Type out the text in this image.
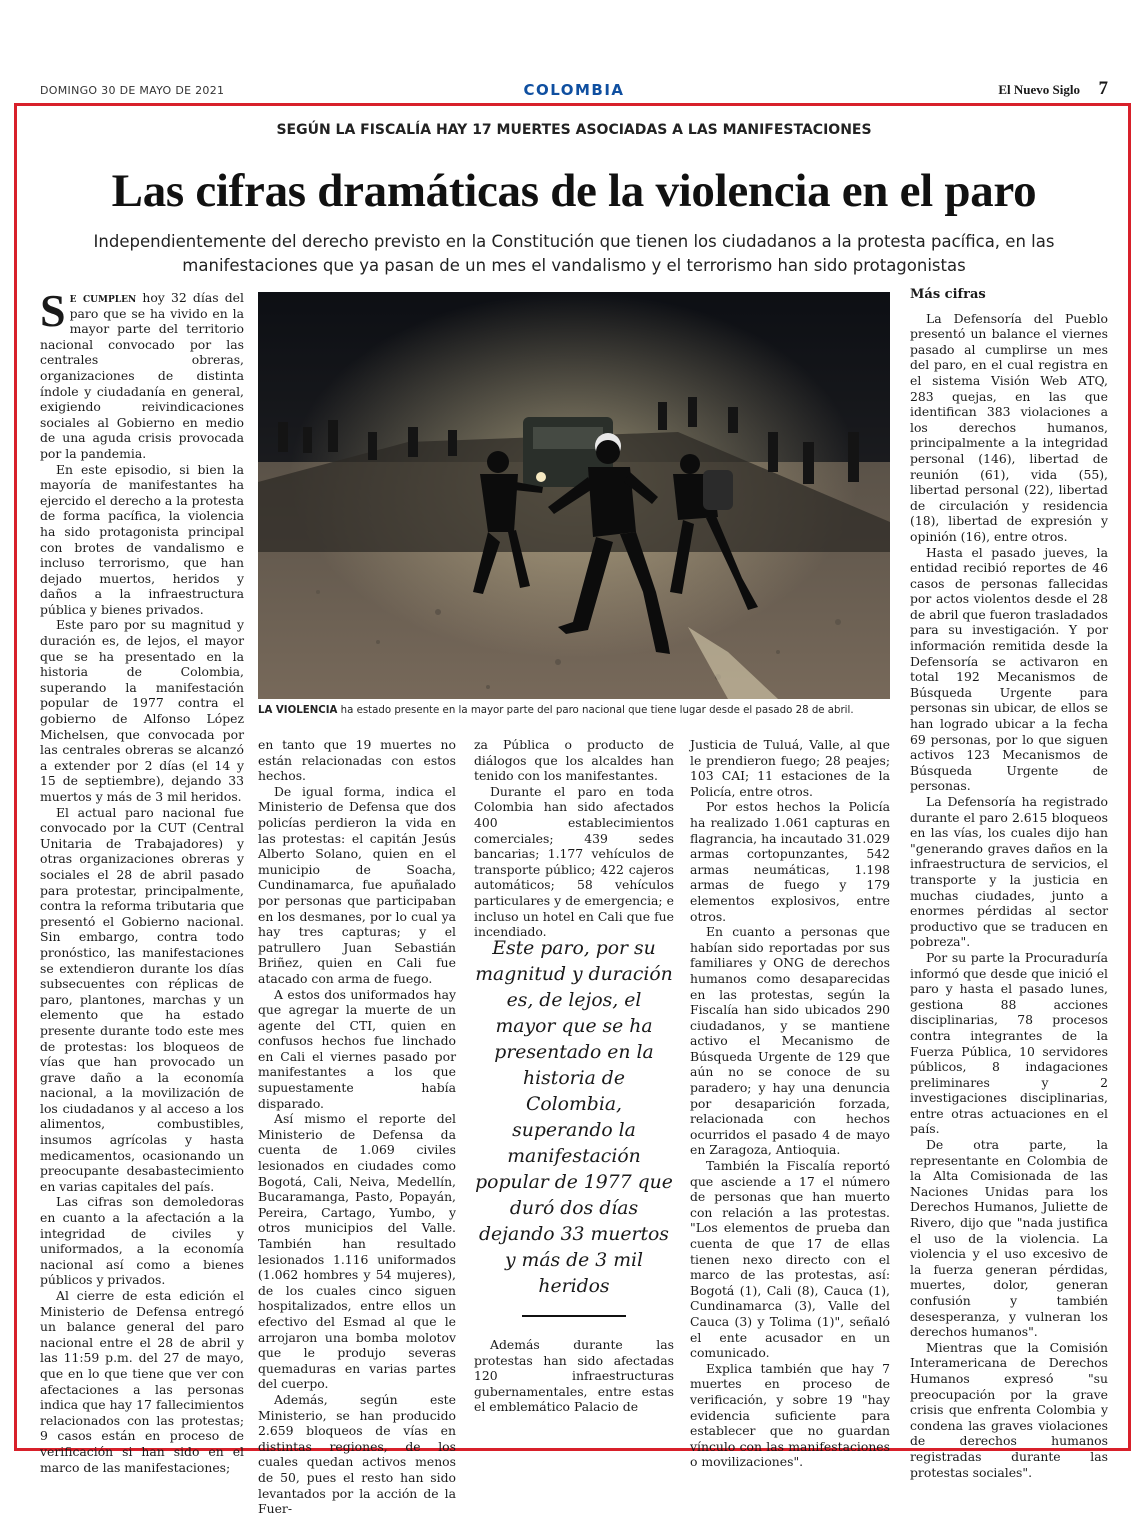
DOMINGO 30 DE MAYO DE 2021	COLOMBIA	El Nuevo Siglo 7
SEGÚN LA FISCALÍA HAY 17 MUERTES ASOCIADAS A LAS MANIFESTACIONES
Las cifras dramáticas de la violencia en el paro
Independientemente del derecho previsto en la Constitución que tienen los ciudadanos a la protesta pacífica, en las manifestaciones que ya pasan de un mes el vandalismo y el terrorismo han sido protagonistas

Se cumplen hoy 32 días del paro que se ha vivido en la mayor parte del territorio nacional convocado por las centrales obreras, organizaciones de distinta índole y ciudadanía en general, exigiendo reivindicaciones sociales al Gobierno en medio de una aguda crisis provocada por la pandemia.

En este episodio, si bien la mayoría de manifestantes ha ejercido el derecho a la protesta de forma pacífica, la violencia ha sido protagonista principal con brotes de vandalismo e incluso terrorismo, que han dejado muertos, heridos y daños a la infraestructura pública y bienes privados.

Este paro por su magnitud y duración es, de lejos, el mayor que se ha presentado en la historia de Colombia, superando la manifestación popular de 1977 contra el gobierno de Alfonso López Michelsen, que convocada por las centrales obreras se alcanzó a extender por 2 días (el 14 y 15 de septiembre), dejando 33 muertos y más de 3 mil heridos.

El actual paro nacional fue convocado por la CUT (Central Unitaria de Trabajadores) y otras organizaciones obreras y sociales el 28 de abril pasado para protestar, principalmente, contra la reforma tributaria que presentó el Gobierno nacional. Sin embargo, contra todo pronóstico, las manifestaciones se extendieron durante los días subsecuentes con réplicas de paro, plantones, marchas y un elemento que ha estado presente durante todo este mes de protestas: los bloqueos de vías que han provocado un grave daño a la economía nacional, a la movilización de los ciudadanos y al acceso a los alimentos, combustibles, insumos agrícolas y hasta medicamentos, ocasionando un preocupante desabastecimiento en varias capitales del país.

Las cifras son demoledoras en cuanto a la afectación a la integridad de civiles y uniformados, a la economía nacional así como a bienes públicos y privados.

Al cierre de esta edición el Ministerio de Defensa entregó un balance general del paro nacional entre el 28 de abril y las 11:59 p.m. del 27 de mayo, que en lo que tiene que ver con afectaciones a las personas indica que hay 17 fallecimientos relacionados con las protestas; 9 casos están en proceso de verificación si han sido en el marco de las manifestaciones;

LA VIOLENCIA ha estado presente en la mayor parte del paro nacional que tiene lugar desde el pasado 28 de abril.

en tanto que 19 muertes no están relacionadas con estos hechos.

De igual forma, indica el Ministerio de Defensa que dos policías perdieron la vida en las protestas: el capitán Jesús Alberto Solano, quien en el municipio de Soacha, Cundinamarca, fue apuñalado por personas que participaban en los desmanes, por lo cual ya hay tres capturas; y el patrullero Juan Sebastián Briñez, quien en Cali fue atacado con arma de fuego.

A estos dos uniformados hay que agregar la muerte de un agente del CTI, quien en confusos hechos fue linchado en Cali el viernes pasado por manifestantes a los que supuestamente había disparado.

Así mismo el reporte del Ministerio de Defensa da cuenta de 1.069 civiles lesionados en ciudades como Bogotá, Cali, Neiva, Medellín, Bucaramanga, Pasto, Popayán, Pereira, Cartago, Yumbo, y otros municipios del Valle. También han resultado lesionados 1.116 uniformados (1.062 hombres y 54 mujeres), de los cuales cinco siguen hospitalizados, entre ellos un efectivo del Esmad al que le arrojaron una bomba molotov que le produjo severas quemaduras en varias partes del cuerpo.

Además, según este Ministerio, se han producido 2.659 bloqueos de vías en distintas regiones, de los cuales quedan activos menos de 50, pues el resto han sido levantados por la acción de la Fuer-

za Pública o producto de diálogos que los alcaldes han tenido con los manifestantes.

Durante el paro en toda Colombia han sido afectados 400 establecimientos comerciales; 439 sedes bancarias; 1.177 vehículos de transporte público; 422 cajeros automáticos; 58 vehículos particulares y de emergencia; e incluso un hotel en Cali que fue incendiado.

Este paro, por su magnitud y duración es, de lejos, el mayor que se ha presentado en la historia de Colombia, superando la manifestación popular de 1977 que duró dos días dejando 33 muertos y más de 3 mil heridos

Además durante las protestas han sido afectadas 120 infraestructuras gubernamentales, entre estas el emblemático Palacio de

Justicia de Tuluá, Valle, al que le prendieron fuego; 28 peajes; 103 CAI; 11 estaciones de la Policía, entre otros.

Por estos hechos la Policía ha realizado 1.061 capturas en flagrancia, ha incautado 31.029 armas cortopunzantes, 542 armas neumáticas, 1.198 armas de fuego y 179 elementos explosivos, entre otros.

En cuanto a personas que habían sido reportadas por sus familiares y ONG de derechos humanos como desaparecidas en las protestas, según la Fiscalía han sido ubicados 290 ciudadanos, y se mantiene activo el Mecanismo de Búsqueda Urgente de 129 que aún no se conoce de su paradero; y hay una denuncia por desaparición forzada, relacionada con hechos ocurridos el pasado 4 de mayo en Zaragoza, Antioquia.

También la Fiscalía reportó que asciende a 17 el número de personas que han muerto con relación a las protestas. "Los elementos de prueba dan cuenta de que 17 de ellas tienen nexo directo con el marco de las protestas, así: Bogotá (1), Cali (8), Cauca (1), Cundinamarca (3), Valle del Cauca (3) y Tolima (1)", señaló el ente acusador en un comunicado.

Explica también que hay 7 muertes en proceso de verificación, y sobre 19 "hay evidencia suficiente para establecer que no guardan vínculo con las manifestaciones o movilizaciones".

Más cifras

La Defensoría del Pueblo presentó un balance el viernes pasado al cumplirse un mes del paro, en el cual registra en el sistema Visión Web ATQ, 283 quejas, en las que identifican 383 violaciones a los derechos humanos, principalmente a la integridad personal (146), libertad de reunión (61), vida (55), libertad personal (22), libertad de circulación y residencia (18), libertad de expresión y opinión (16), entre otros.

Hasta el pasado jueves, la entidad recibió reportes de 46 casos de personas fallecidas por actos violentos desde el 28 de abril que fueron trasladados para su investigación. Y por información remitida desde la Defensoría se activaron en total 192 Mecanismos de Búsqueda Urgente para personas sin ubicar, de ellos se han logrado ubicar a la fecha 69 personas, por lo que siguen activos 123 Mecanismos de Búsqueda Urgente de personas.

La Defensoría ha registrado durante el paro 2.615 bloqueos en las vías, los cuales dijo han "generando graves daños en la infraestructura de servicios, el transporte y la justicia en muchas ciudades, junto a enormes pérdidas al sector productivo que se traducen en pobreza".

Por su parte la Procuraduría informó que desde que inició el paro y hasta el pasado lunes, gestiona 88 acciones disciplinarias, 78 procesos contra integrantes de la Fuerza Pública, 10 servidores públicos, 8 indagaciones preliminares y 2 investigaciones disciplinarias, entre otras actuaciones en el país.

De otra parte, la representante en Colombia de la Alta Comisionada de las Naciones Unidas para los Derechos Humanos, Juliette de Rivero, dijo que "nada justifica el uso de la violencia. La violencia y el uso excesivo de la fuerza generan pérdidas, muertes, dolor, generan confusión y también desesperanza, y vulneran los derechos humanos".

Mientras que la Comisión Interamericana de Derechos Humanos expresó "su preocupación por la grave crisis que enfrenta Colombia y condena las graves violaciones de derechos humanos registradas durante las protestas sociales".
